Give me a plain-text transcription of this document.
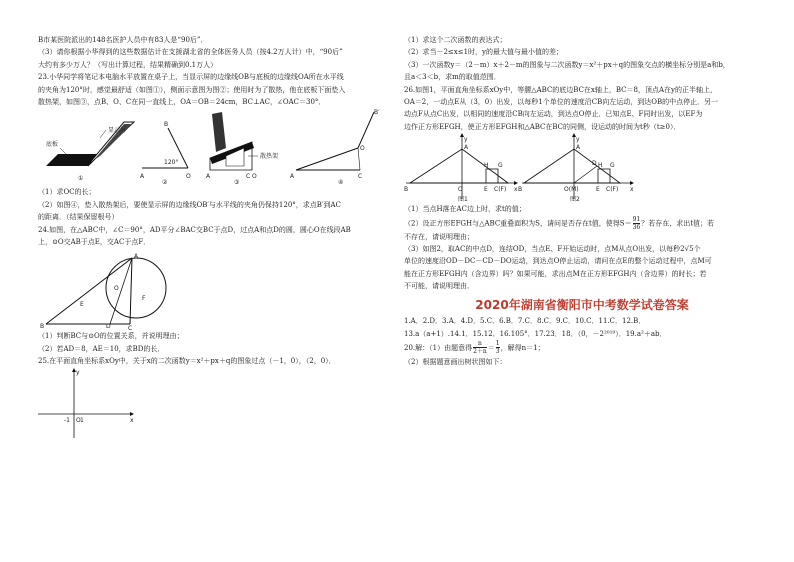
B市某医院派出的148名医护人员中有83人是“90后”．

（3）请你根据小华得到的这些数据估计在支援湖北省的全体医务人员（按4.2万人计）中，“90后”

大约有多少万人？（写出计算过程，结果精确到0.1万人）

23.小华同学将笔记本电脑水平放置在桌子上，当显示屏的边缘线OB与底板的边缘线OA所在水平线

的夹角为120°时，感觉最舒适（如图①），侧面示意图为图②；使用时为了散热，他在底板下面垫入

散热架，如图③，点B、O、C在同一直线上，OA＝OB＝24cm，BC⊥AC，∠OAC＝30°．

底板
显示屏
①	A	O
B
120°
②
散热架
A	C O
③
A	C
O
B′
④

（1）求OC的长；

（2）如图④，垫入散热架后，要使显示屏的边缘线OB′与水平线的夹角仍保持120°，求点B′到AC

的距离．（结果保留根号）

24.如图，在△ABC中，∠C＝90°，AD平分∠BAC交BC于点D，过点A和点D的圆，圆心O在线段AB

上，⊙O交AB于点E，交AC于点F．

B	D	C
A
O
E
F

（1）判断BC与⊙O的位置关系，并说明理由；

（2）若AD＝8，AE＝10，求BD的长．

25.在平面直角坐标系xOy中，关于x的二次函数y＝x²＋px＋q的图象过点（－1，0），（2，0）．

y
x
-1 O 1

（1）求这个二次函数的表达式；

（2）求当－2≤x≤1时，y的最大值与最小值的差；

（3）一次函数y＝（2－m）x＋2－m的图象与二次函数y＝x²＋px＋q的图象交点的横坐标分别是a和b，

且a＜3＜b，求m的取值范围．

26.如图1，平面直角坐标系xOy中，等腰△ABC的底边BC在x轴上，BC＝8，顶点A在y的正半轴上，

OA＝2，一动点E从（3，0）出发，以每秒1个单位的速度沿CB向左运动，到达OB的中点停止．另一

动点F从点C出发，以相同的速度沿CB向左运动，到达点O停止．已知点E、F同时出发，以EF为

边作正方形EFGH，使正方形EFGH和△ABC在BC的同侧，设运动的时间为t秒（t≥0）．

y
A
B	O	E C(F) x
H G
图1
y
A
D
B	O(M)	E C(F) x
H G
图2

（1）当点H落在AC边上时，求t的值；

（2）设正方形EFGH与△ABC重叠面积为S，请问是否存在t值，使得$S= \frac{91}{36}$ ？若存在，求出t值；若

不存在，请说明理由；

（3）如图2，取AC的中点D，连结OD，当点E、F开始运动时，点M从点O出发，以每秒2√5个

单位的速度沿OD－DC－CD－DO运动，到达点O停止运动，请问在点E的整个运动过程中，点M可

能在正方形EFGH内（含边界）吗？如果可能，求出点M在正方形EFGH内（含边界）的时长；若

不可能，请说明理由．

2020年湖南省衡阳市中考数学试卷答案

1.A．2.D．3.A．4.D．5.C．6.B．7.C．8.C．9.C．10.C．11.C．12.B．

13.a（a+1）.14.1．15.12．16.105°．17.23．18．（0，－2²⁰¹⁹）．19.a²＋ab．

20.解：（1）由题意得 $\frac{n}{2+n} = \frac{1}{3}$ ，解得n＝1；

（2）根据题意画出树状图如下：
